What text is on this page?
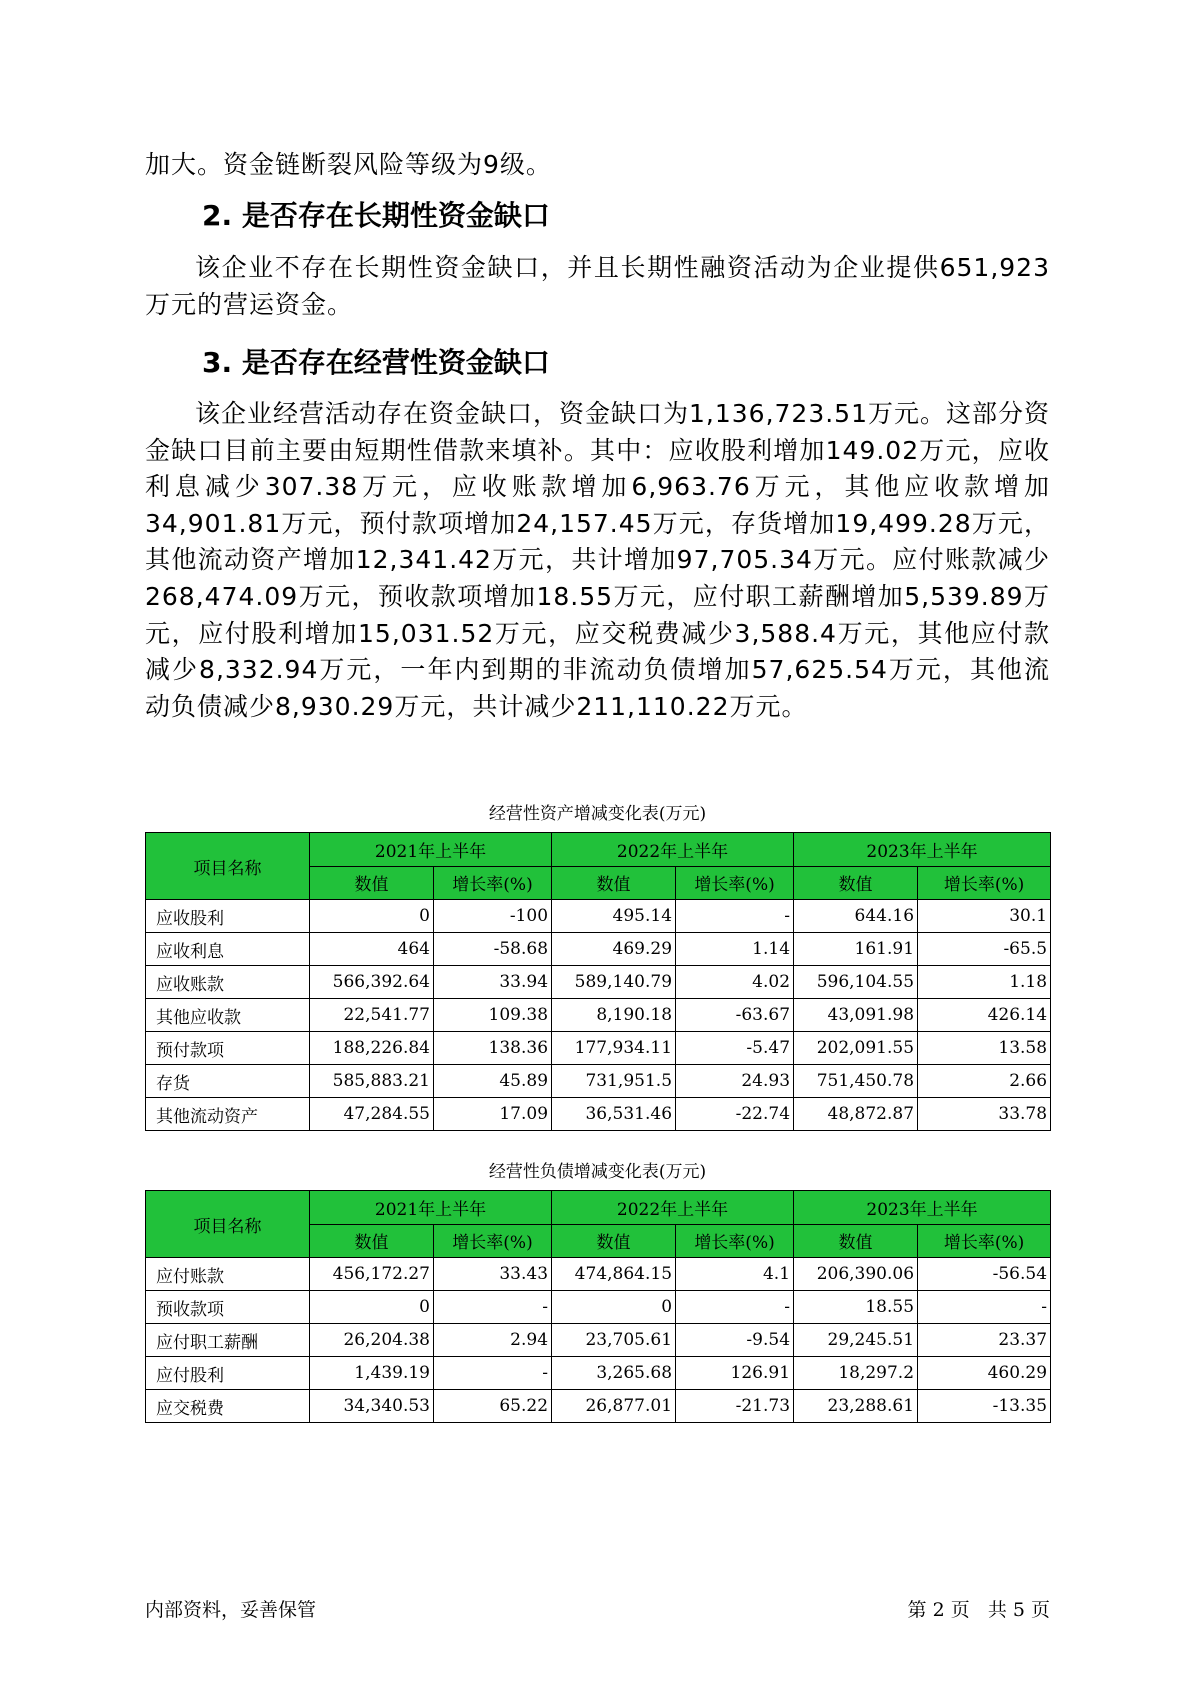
加大。资金链断裂风险等级为9级。

2. 是否存在长期性资金缺口

该企业不存在长期性资金缺口，并且长期性融资活动为企业提供651,923万元的营运资金。

3. 是否存在经营性资金缺口

该企业经营活动存在资金缺口，资金缺口为1,136,723.51万元。这部分资金缺口目前主要由短期性借款来填补。其中：应收股利增加149.02万元，应收利息减少307.38万元，应收账款增加6,963.76万元，其他应收款增加34,901.81万元，预付款项增加24,157.45万元，存货增加19,499.28万元，其他流动资产增加12,341.42万元，共计增加97,705.34万元。应付账款减少268,474.09万元，预收款项增加18.55万元，应付职工薪酬增加5,539.89万元，应付股利增加15,031.52万元，应交税费减少3,588.4万元，其他应付款减少8,332.94万元，一年内到期的非流动负债增加57,625.54万元，其他流动负债减少8,930.29万元，共计减少211,110.22万元。

经营性资产增减变化表(万元)
项目名称	2021年上半年		2022年上半年		2023年上半年	
	数值	增长率(%)	数值	增长率(%)	数值	增长率(%)
应收股利	0	-100	495.14	-	644.16	30.1
应收利息	464	-58.68	469.29	1.14	161.91	-65.5
应收账款	566,392.64	33.94	589,140.79	4.02	596,104.55	1.18
其他应收款	22,541.77	109.38	8,190.18	-63.67	43,091.98	426.14
预付款项	188,226.84	138.36	177,934.11	-5.47	202,091.55	13.58
存货	585,883.21	45.89	731,951.5	24.93	751,450.78	2.66
其他流动资产	47,284.55	17.09	36,531.46	-22.74	48,872.87	33.78
经营性负债增减变化表(万元)
项目名称	2021年上半年		2022年上半年		2023年上半年	
	数值	增长率(%)	数值	增长率(%)	数值	增长率(%)
应付账款	456,172.27	33.43	474,864.15	4.1	206,390.06	-56.54
预收款项	0	-	0	-	18.55	-
应付职工薪酬	26,204.38	2.94	23,705.61	-9.54	29,245.51	23.37
应付股利	1,439.19	-	3,265.68	126.91	18,297.2	460.29
应交税费	34,340.53	65.22	26,877.01	-21.73	23,288.61	-13.35
内部资料，妥善保管	第 2 页   共 5 页
